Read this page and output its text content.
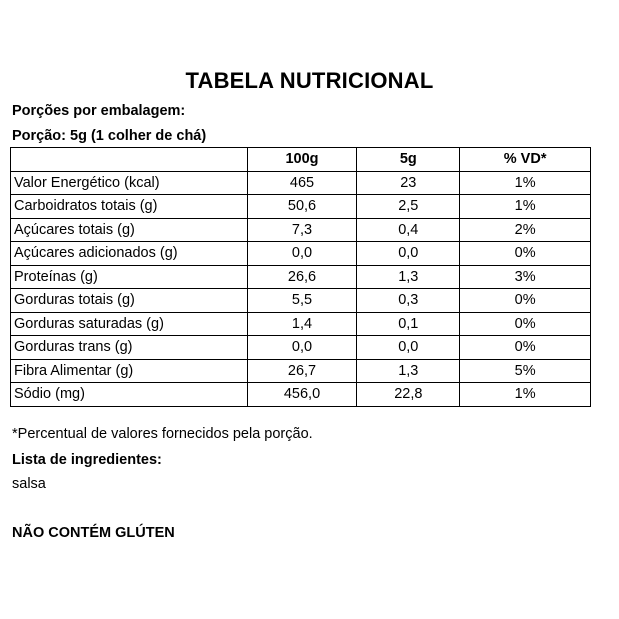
TABELA NUTRICIONAL
Porções por embalagem:
Porção: 5g (1 colher de chá)
	100g	5g	% VD*
Valor Energético (kcal)	465	23	1%
Carboidratos totais (g)	50,6	2,5	1%
Açúcares totais (g)	7,3	0,4	2%
Açúcares adicionados (g)	0,0	0,0	0%
Proteínas (g)	26,6	1,3	3%
Gorduras totais (g)	5,5	0,3	0%
Gorduras saturadas (g)	1,4	0,1	0%
Gorduras trans (g)	0,0	0,0	0%
Fibra Alimentar (g)	26,7	1,3	5%
Sódio (mg)	456,0	22,8	1%
*Percentual de valores fornecidos pela porção.
Lista de ingredientes:
salsa
NÃO CONTÉM GLÚTEN
